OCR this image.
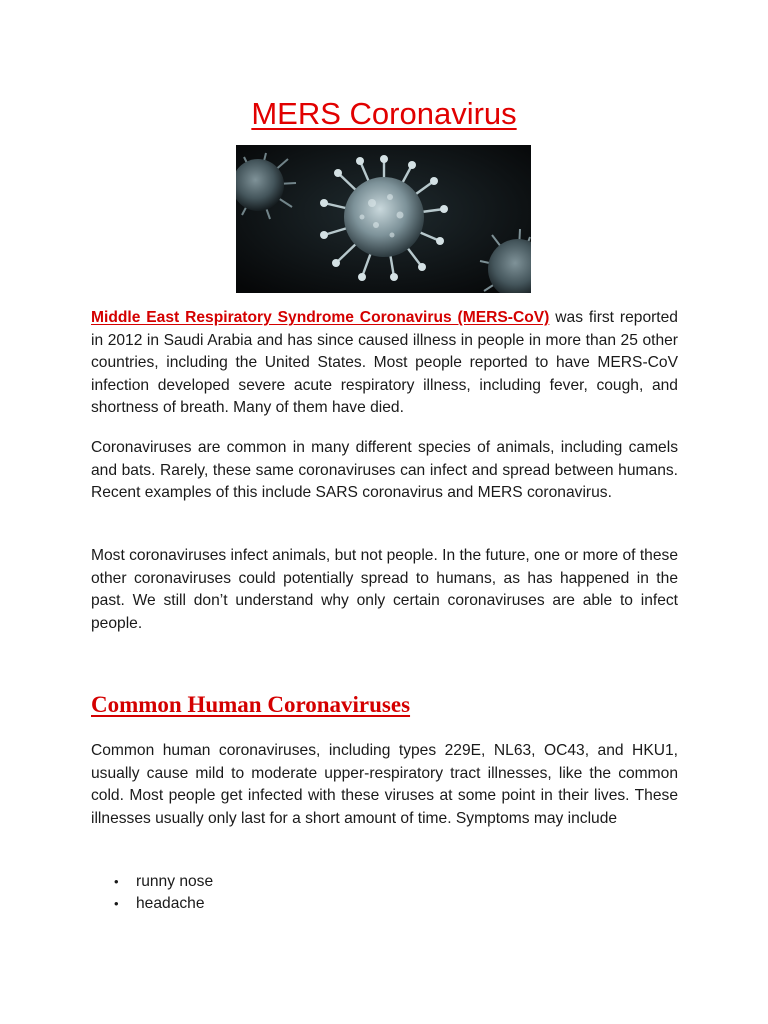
MERS Coronavirus

Middle East Respiratory Syndrome Coronavirus (MERS-CoV) was first reported in 2012 in Saudi Arabia and has since caused illness in people in more than 25 other countries, including the United States. Most people reported to have MERS-CoV infection developed severe acute respiratory illness, including fever, cough, and shortness of breath. Many of them have died.

Coronaviruses are common in many different species of animals, including camels and bats. Rarely, these same coronaviruses can infect and spread between humans. Recent examples of this include SARS coronavirus and MERS coronavirus.

Most coronaviruses infect animals, but not people. In the future, one or more of these other coronaviruses could potentially spread to humans, as has happened in the past. We still don’t understand why only certain coronaviruses are able to infect people.

Common Human Coronaviruses

Common human coronaviruses, including types 229E, NL63, OC43, and HKU1, usually cause mild to moderate upper-respiratory tract illnesses, like the common cold. Most people get infected with these viruses at some point in their lives. These illnesses usually only last for a short amount of time. Symptoms may include

• runny nose
• headache
